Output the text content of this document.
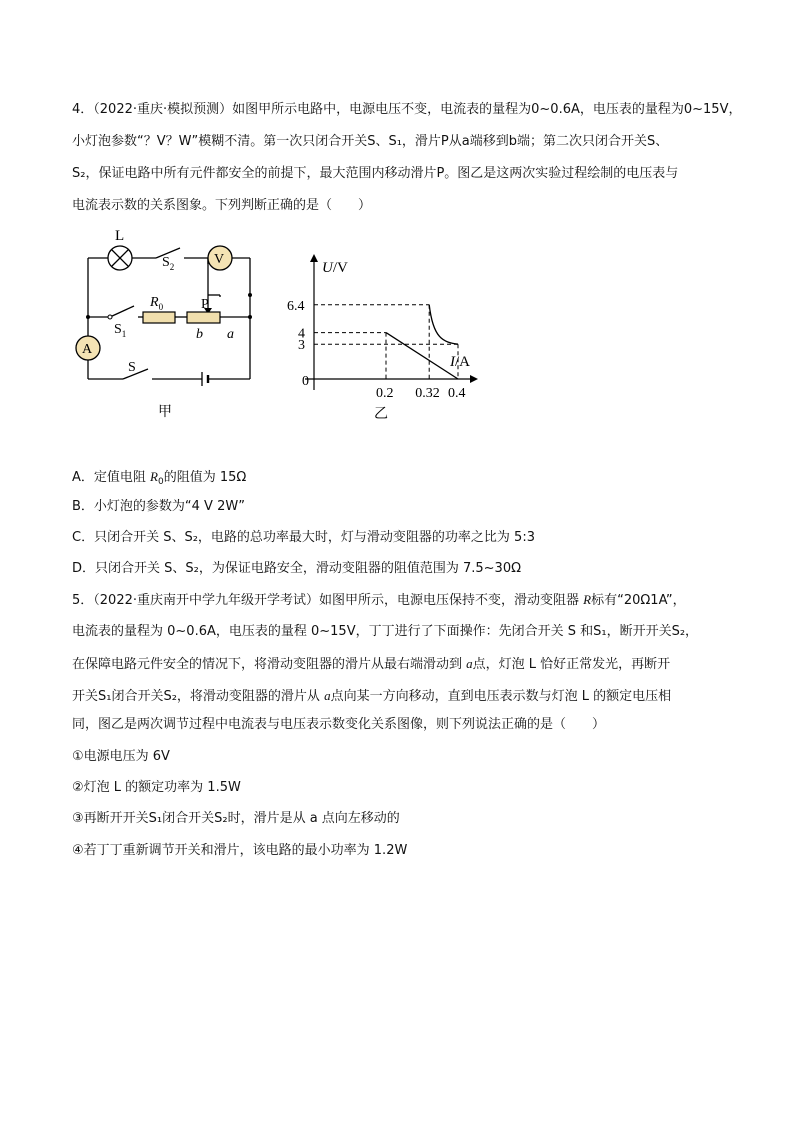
4．（2022·重庆·模拟预测）如图甲所示电路中，电源电压不变，电流表的量程为0~0.6A，电压表的量程为0~15V，
小灯泡参数“？V？W”模糊不清。第一次只闭合开关S、S₁，滑片P从a端移到b端；第二次只闭合开关S、
S₂，保证电路中所有元件都安全的前提下，最大范围内移动滑片P。图乙是这两次实验过程绘制的电压表与
电流表示数的关系图象。下列判断正确的是（　　）
L
V
A
$S_2$
$S_1$
S
$R_0$	P
b a
甲
6.4
4
3
0.2 0.32 0.4
U/V
I/A
0
乙
A．定值电阻 $R_0$的阻值为 15Ω
B．小灯泡的参数为“4 V 2W”
C．只闭合开关 S、S₂，电路的总功率最大时，灯与滑动变阻器的功率之比为 5:3
D．只闭合开关 S、S₂，为保证电路安全，滑动变阻器的阻值范围为 7.5~30Ω
5．（2022·重庆南开中学九年级开学考试）如图甲所示，电源电压保持不变，滑动变阻器 R标有“20Ω1A”，
电流表的量程为 0~0.6A，电压表的量程 0~15V，丁丁进行了下面操作：先闭合开关 S 和S₁，断开开关S₂，
在保障电路元件安全的情况下，将滑动变阻器的滑片从最右端滑动到 a点，灯泡 L 恰好正常发光，再断开
开关S₁闭合开关S₂，将滑动变阻器的滑片从 a点向某一方向移动，直到电压表示数与灯泡 L 的额定电压相
同，图乙是两次调节过程中电流表与电压表示数变化关系图像，则下列说法正确的是（　　）
①电源电压为 6V
②灯泡 L 的额定功率为 1.5W
③再断开开关S₁闭合开关S₂时，滑片是从 a 点向左移动的
④若丁丁重新调节开关和滑片，该电路的最小功率为 1.2W
